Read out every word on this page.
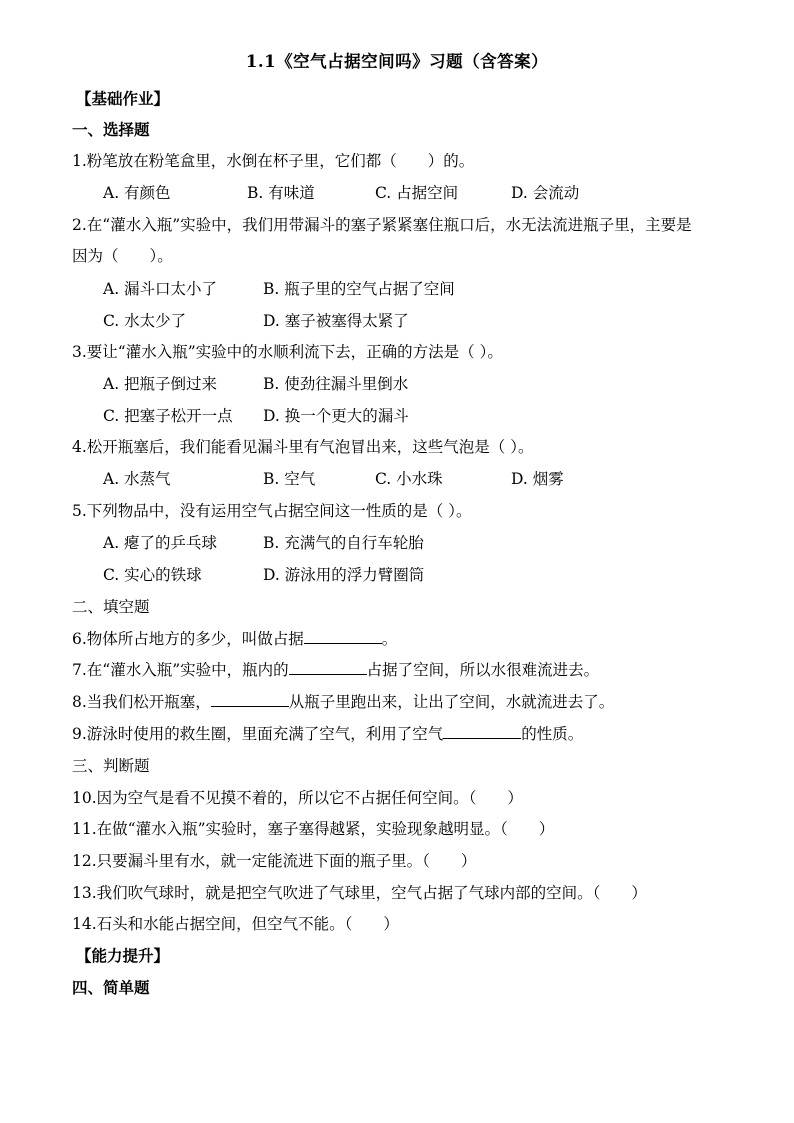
1.1《空气占据空间吗》习题（含答案）
【基础作业】
一、选择题
1.粉笔放在粉笔盒里，水倒在杯子里，它们都（　　）的。
A. 有颜色	B. 有味道	C. 占据空间	D. 会流动
2.在“灌水入瓶”实验中，我们用带漏斗的塞子紧紧塞住瓶口后，水无法流进瓶子里，主要是
因为（　　）。
A. 漏斗口太小了	B. 瓶子里的空气占据了空间
C. 水太少了	D. 塞子被塞得太紧了
3.要让“灌水入瓶”实验中的水顺利流下去，正确的方法是（ ）。
A. 把瓶子倒过来	B. 使劲往漏斗里倒水
C. 把塞子松开一点 D. 换一个更大的漏斗
4.松开瓶塞后，我们能看见漏斗里有气泡冒出来，这些气泡是（ ）。
A. 水蒸气	B. 空气	C. 小水珠	D. 烟雾
5.下列物品中，没有运用空气占据空间这一性质的是（ ）。
A. 瘪了的乒乓球	B. 充满气的自行车轮胎
C. 实心的铁球	D. 游泳用的浮力臂圈筒
二、填空题
6.物体所占地方的多少，叫做占据	。
7.在“灌水入瓶”实验中，瓶内的	占据了空间，所以水很难流进去。
8.当我们松开瓶塞，	从瓶子里跑出来，让出了空间，水就流进去了。
9.游泳时使用的救生圈，里面充满了空气，利用了空气	的性质。
三、判断题
10.因为空气是看不见摸不着的，所以它不占据任何空间。（　　）
11.在做“灌水入瓶”实验时，塞子塞得越紧，实验现象越明显。（　　）
12.只要漏斗里有水，就一定能流进下面的瓶子里。（　　）
13.我们吹气球时，就是把空气吹进了气球里，空气占据了气球内部的空间。（　　）
14.石头和水能占据空间，但空气不能。（　　）
【能力提升】
四、简单题
